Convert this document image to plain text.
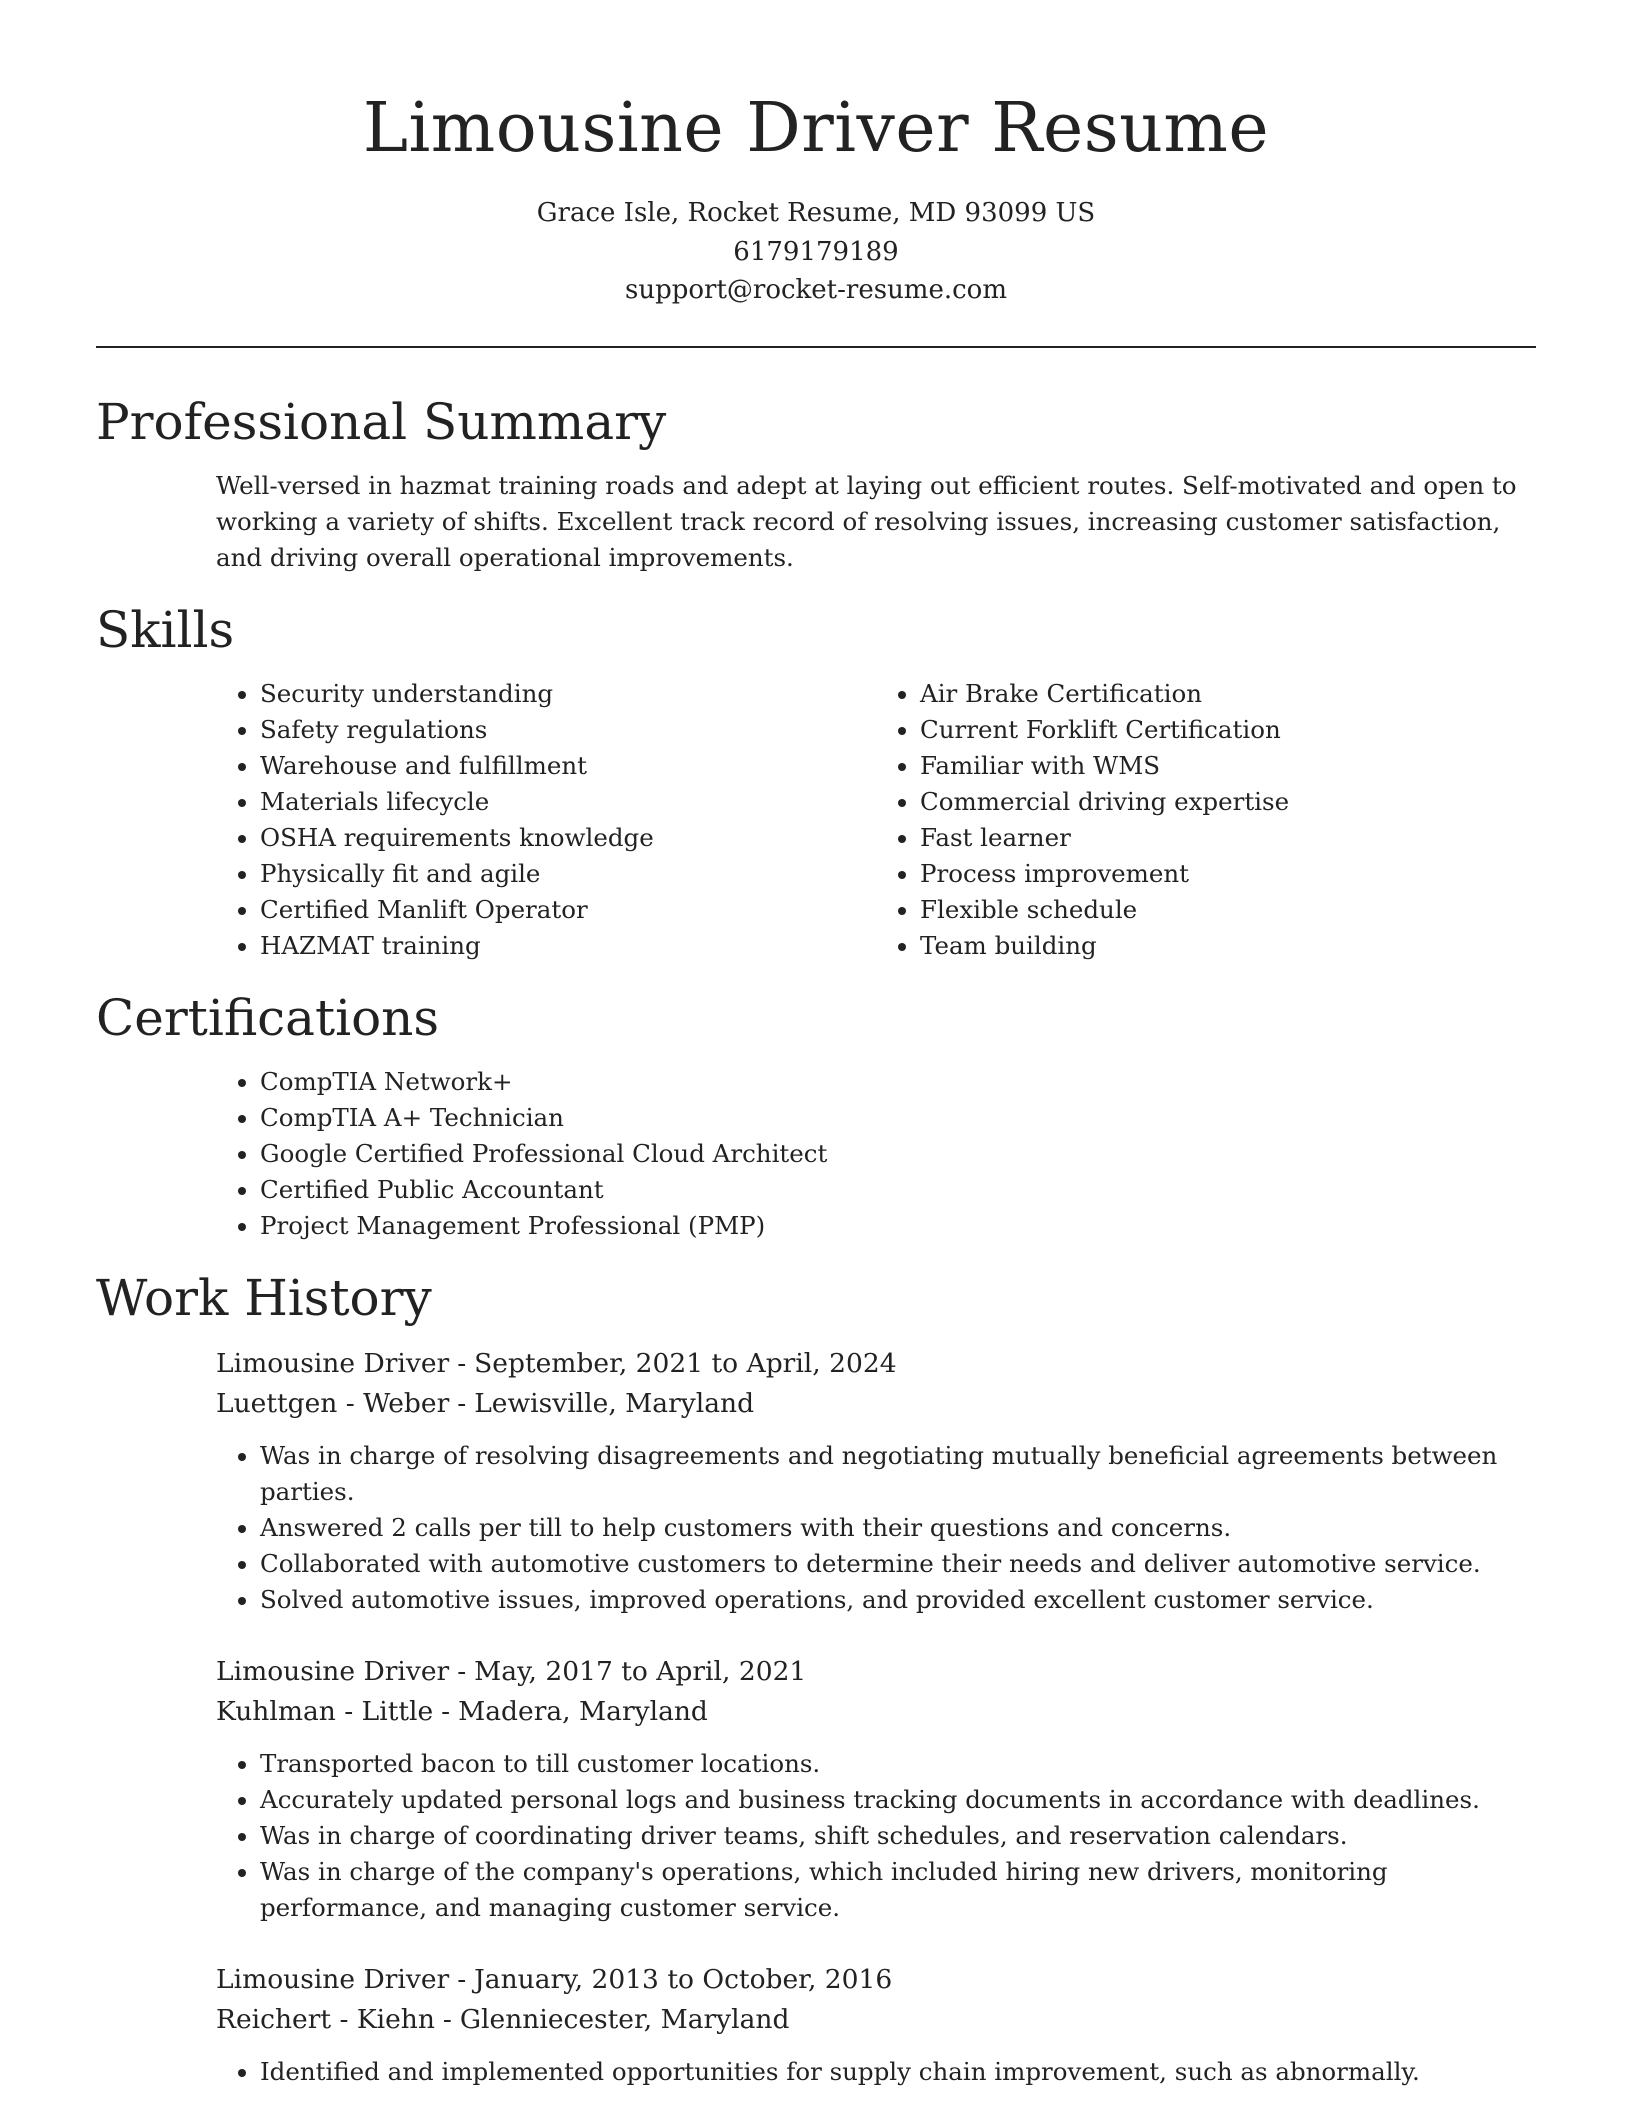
Limousine Driver Resume
Grace Isle, Rocket Resume, MD 93099 US
6179179189
support@rocket-resume.com
Professional Summary

Well-versed in hazmat training roads and adept at laying out efficient routes. Self-motivated and open to working a variety of shifts. Excellent track record of resolving issues, increasing customer satisfaction, and driving overall operational improvements.

Skills
• Security understanding
• Safety regulations
• Warehouse and fulfillment
• Materials lifecycle
• OSHA requirements knowledge
• Physically fit and agile
• Certified Manlift Operator
• HAZMAT training
• Air Brake Certification
• Current Forklift Certification
• Familiar with WMS
• Commercial driving expertise
• Fast learner
• Process improvement
• Flexible schedule
• Team building
Certifications
• CompTIA Network+
• CompTIA A+ Technician
• Google Certified Professional Cloud Architect
• Certified Public Accountant
• Project Management Professional (PMP)
Work History
Limousine Driver - September, 2021 to April, 2024
Luettgen - Weber - Lewisville, Maryland
• Was in charge of resolving disagreements and negotiating mutually beneficial agreements between parties.
• Answered 2 calls per till to help customers with their questions and concerns.
• Collaborated with automotive customers to determine their needs and deliver automotive service.
• Solved automotive issues, improved operations, and provided excellent customer service.
Limousine Driver - May, 2017 to April, 2021
Kuhlman - Little - Madera, Maryland
• Transported bacon to till customer locations.
• Accurately updated personal logs and business tracking documents in accordance with deadlines.
• Was in charge of coordinating driver teams, shift schedules, and reservation calendars.
• Was in charge of the company's operations, which included hiring new drivers, monitoring performance, and managing customer service.
Limousine Driver - January, 2013 to October, 2016
Reichert - Kiehn - Glenniecester, Maryland
• Identified and implemented opportunities for supply chain improvement, such as abnormally.
